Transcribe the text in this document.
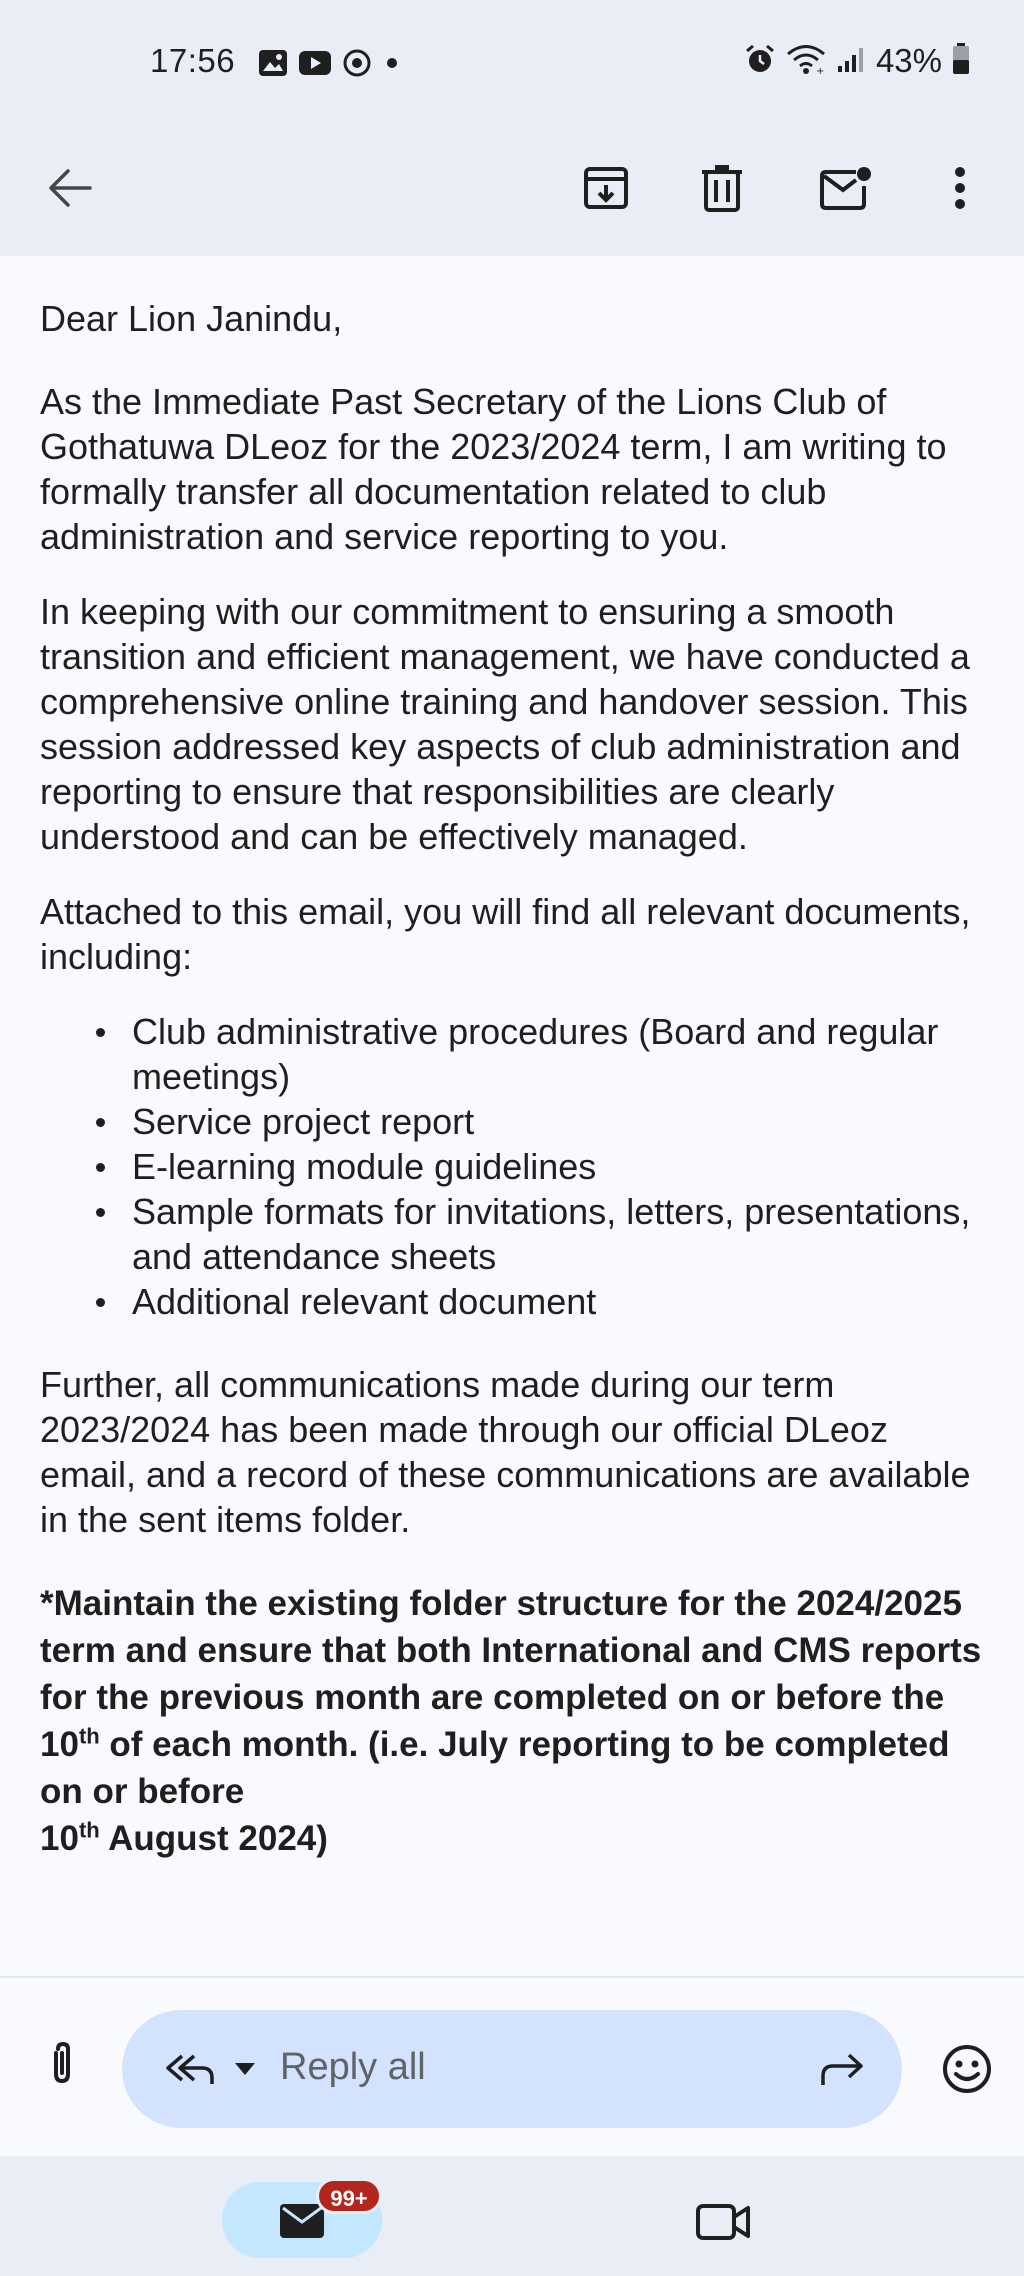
17:56	+ 43%

Dear Lion Janindu,

As the Immediate Past Secretary of the Lions Club of Gothatuwa DLeoz for the 2023/2024 term, I am writing to formally transfer all documentation related to club administration and service reporting to you.

In keeping with our commitment to ensuring a smooth transition and efficient management, we have conducted a comprehensive online training and handover session. This session addressed key aspects of club administration and reporting to ensure that responsibilities are clearly understood and can be effectively managed.

Attached to this email, you will find all relevant documents, including:

Club administrative procedures (Board and regular meetings)
Service project report
E-learning module guidelines
Sample formats for invitations, letters, presentations, and attendance sheets
Additional relevant document

Further, all communications made during our term 2023/2024 has been made through our official DLeoz email, and a record of these communications are available in the sent items folder.

*Maintain the existing folder structure for the 2024/2025 term and ensure that both International and CMS reports for the previous month are completed on or before the 10th of each month. (i.e. July reporting to be completed on or before
10th August 2024)

Reply all
99+
